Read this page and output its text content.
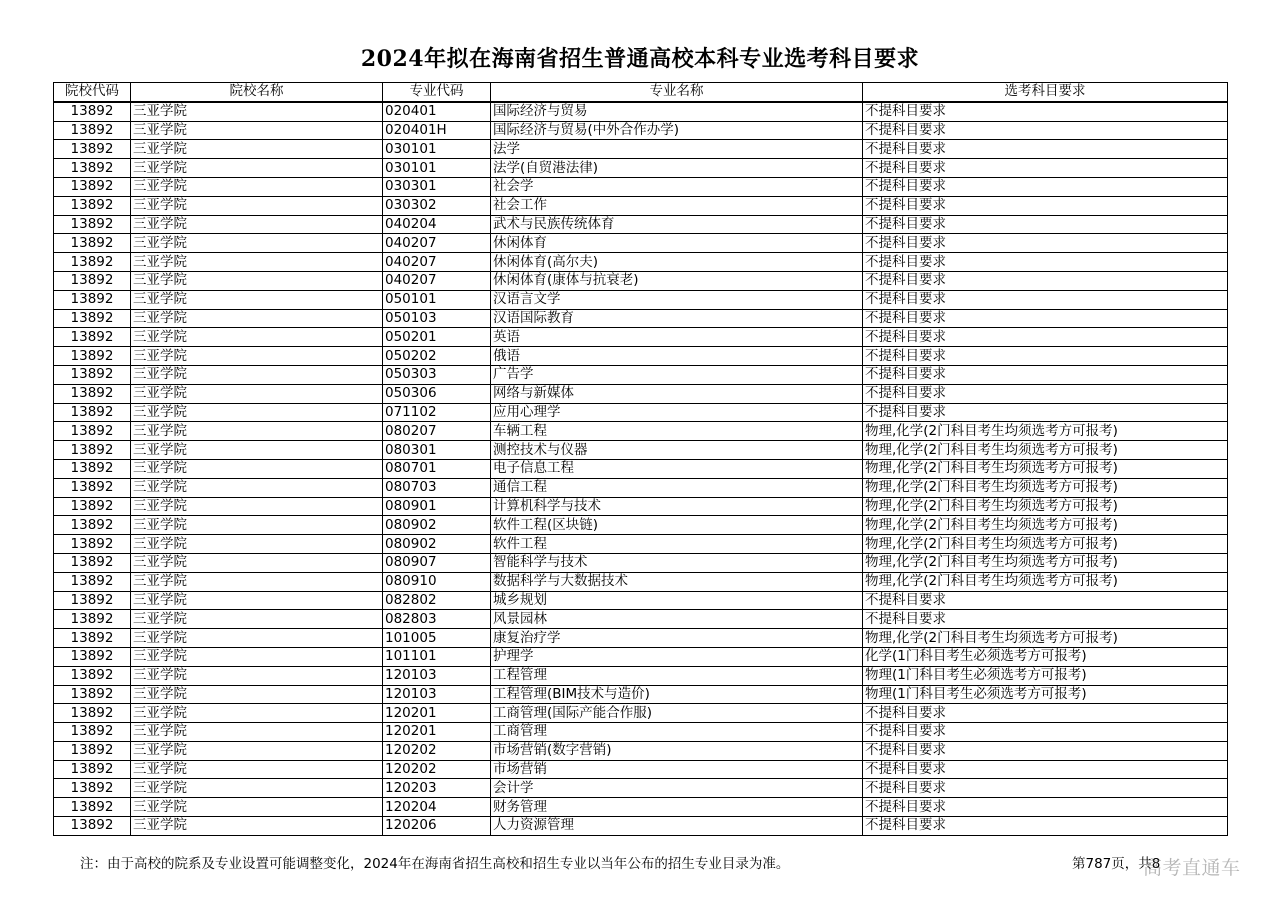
2024年拟在海南省招生普通高校本科专业选考科目要求
院校代码	院校名称	专业代码	专业名称	选考科目要求
13892	三亚学院	020401	国际经济与贸易	不提科目要求
13892	三亚学院	020401H	国际经济与贸易(中外合作办学)	不提科目要求
13892	三亚学院	030101	法学	不提科目要求
13892	三亚学院	030101	法学(自贸港法律)	不提科目要求
13892	三亚学院	030301	社会学	不提科目要求
13892	三亚学院	030302	社会工作	不提科目要求
13892	三亚学院	040204	武术与民族传统体育	不提科目要求
13892	三亚学院	040207	休闲体育	不提科目要求
13892	三亚学院	040207	休闲体育(高尔夫)	不提科目要求
13892	三亚学院	040207	休闲体育(康体与抗衰老)	不提科目要求
13892	三亚学院	050101	汉语言文学	不提科目要求
13892	三亚学院	050103	汉语国际教育	不提科目要求
13892	三亚学院	050201	英语	不提科目要求
13892	三亚学院	050202	俄语	不提科目要求
13892	三亚学院	050303	广告学	不提科目要求
13892	三亚学院	050306	网络与新媒体	不提科目要求
13892	三亚学院	071102	应用心理学	不提科目要求
13892	三亚学院	080207	车辆工程	物理,化学(2门科目考生均须选考方可报考)
13892	三亚学院	080301	测控技术与仪器	物理,化学(2门科目考生均须选考方可报考)
13892	三亚学院	080701	电子信息工程	物理,化学(2门科目考生均须选考方可报考)
13892	三亚学院	080703	通信工程	物理,化学(2门科目考生均须选考方可报考)
13892	三亚学院	080901	计算机科学与技术	物理,化学(2门科目考生均须选考方可报考)
13892	三亚学院	080902	软件工程(区块链)	物理,化学(2门科目考生均须选考方可报考)
13892	三亚学院	080902	软件工程	物理,化学(2门科目考生均须选考方可报考)
13892	三亚学院	080907	智能科学与技术	物理,化学(2门科目考生均须选考方可报考)
13892	三亚学院	080910	数据科学与大数据技术	物理,化学(2门科目考生均须选考方可报考)
13892	三亚学院	082802	城乡规划	不提科目要求
13892	三亚学院	082803	风景园林	不提科目要求
13892	三亚学院	101005	康复治疗学	物理,化学(2门科目考生均须选考方可报考)
13892	三亚学院	101101	护理学	化学(1门科目考生必须选考方可报考)
13892	三亚学院	120103	工程管理	物理(1门科目考生必须选考方可报考)
13892	三亚学院	120103	工程管理(BIM技术与造价)	物理(1门科目考生必须选考方可报考)
13892	三亚学院	120201	工商管理(国际产能合作服)	不提科目要求
13892	三亚学院	120201	工商管理	不提科目要求
13892	三亚学院	120202	市场营销(数字营销)	不提科目要求
13892	三亚学院	120202	市场营销	不提科目要求
13892	三亚学院	120203	会计学	不提科目要求
13892	三亚学院	120204	财务管理	不提科目要求
13892	三亚学院	120206	人力资源管理	不提科目要求
注：由于高校的院系及专业设置可能调整变化，2024年在海南省招生高校和招生专业以当年公布的招生专业目录为准。	第787页，共8
高考直通车
